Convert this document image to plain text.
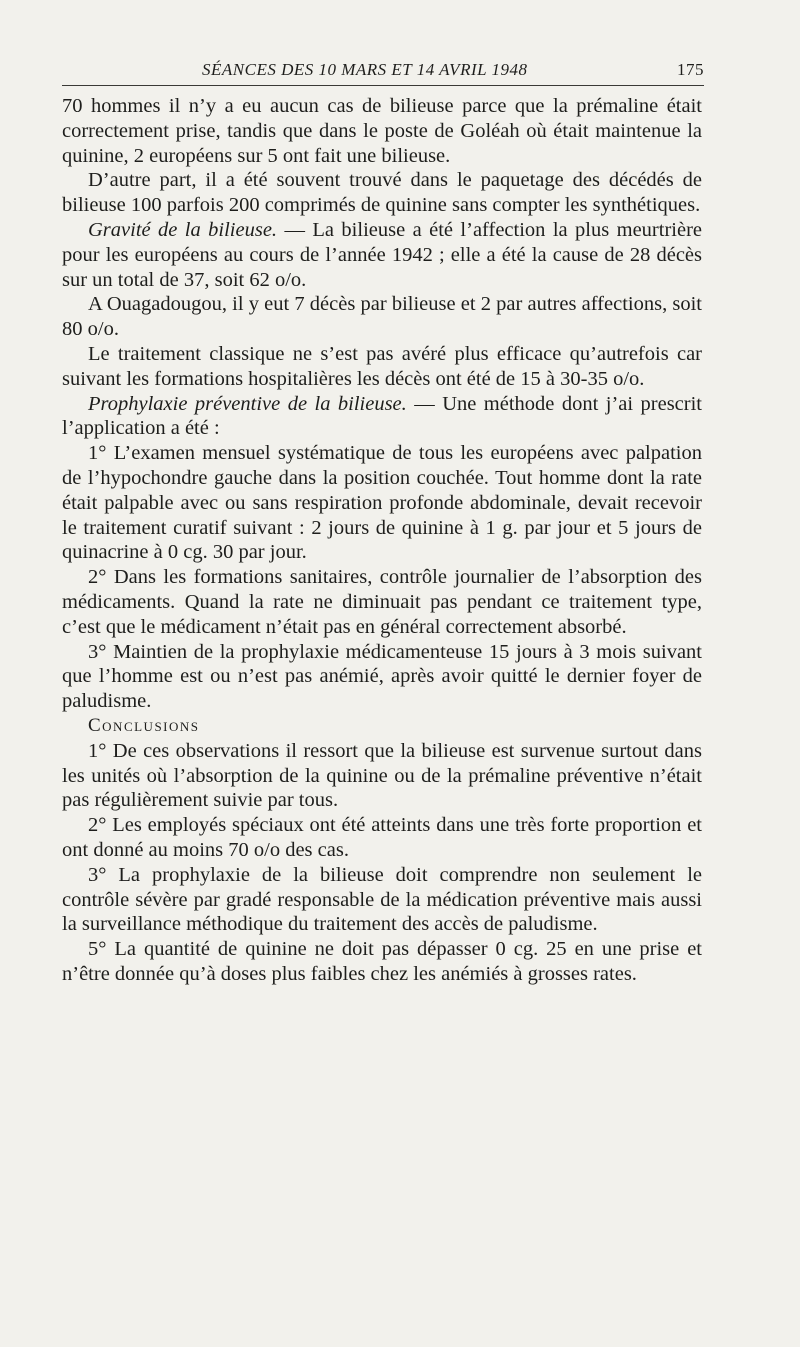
SÉANCES DES 10 MARS ET 14 AVRIL 1948	175

70 hommes il n’y a eu aucun cas de bilieuse parce que la prémaline était correctement prise, tandis que dans le poste de Goléah où était maintenue la quinine, 2 européens sur 5 ont fait une bilieuse.

D’autre part, il a été souvent trouvé dans le paquetage des décédés de bilieuse 100 parfois 200 comprimés de quinine sans compter les synthétiques.

Gravité de la bilieuse. — La bilieuse a été l’affection la plus meurtrière pour les européens au cours de l’année 1942 ; elle a été la cause de 28 décès sur un total de 37, soit 62 o/o.

A Ouagadougou, il y eut 7 décès par bilieuse et 2 par autres affections, soit 80 o/o.

Le traitement classique ne s’est pas avéré plus efficace qu’autrefois car suivant les formations hospitalières les décès ont été de 15 à 30-35 o/o.

Prophylaxie préventive de la bilieuse. — Une méthode dont j’ai prescrit l’application a été :

1° L’examen mensuel systématique de tous les européens avec palpation de l’hypochondre gauche dans la position couchée. Tout homme dont la rate était palpable avec ou sans respiration profonde abdominale, devait recevoir le traitement curatif suivant : 2 jours de quinine à 1 g. par jour et 5 jours de quinacrine à 0 cg. 30 par jour.

2° Dans les formations sanitaires, contrôle journalier de l’absorption des médicaments. Quand la rate ne diminuait pas pendant ce traitement type, c’est que le médicament n’était pas en général correctement absorbé.

3° Maintien de la prophylaxie médicamenteuse 15 jours à 3 mois suivant que l’homme est ou n’est pas anémié, après avoir quitté le dernier foyer de paludisme.

Conclusions

1° De ces observations il ressort que la bilieuse est survenue surtout dans les unités où l’absorption de la quinine ou de la prémaline préventive n’était pas régulièrement suivie par tous.

2° Les employés spéciaux ont été atteints dans une très forte proportion et ont donné au moins 70 o/o des cas.

3° La prophylaxie de la bilieuse doit comprendre non seulement le contrôle sévère par gradé responsable de la médication préventive mais aussi la surveillance méthodique du traitement des accès de paludisme.

5° La quantité de quinine ne doit pas dépasser 0 cg. 25 en une prise et n’être donnée qu’à doses plus faibles chez les anémiés à grosses rates.
